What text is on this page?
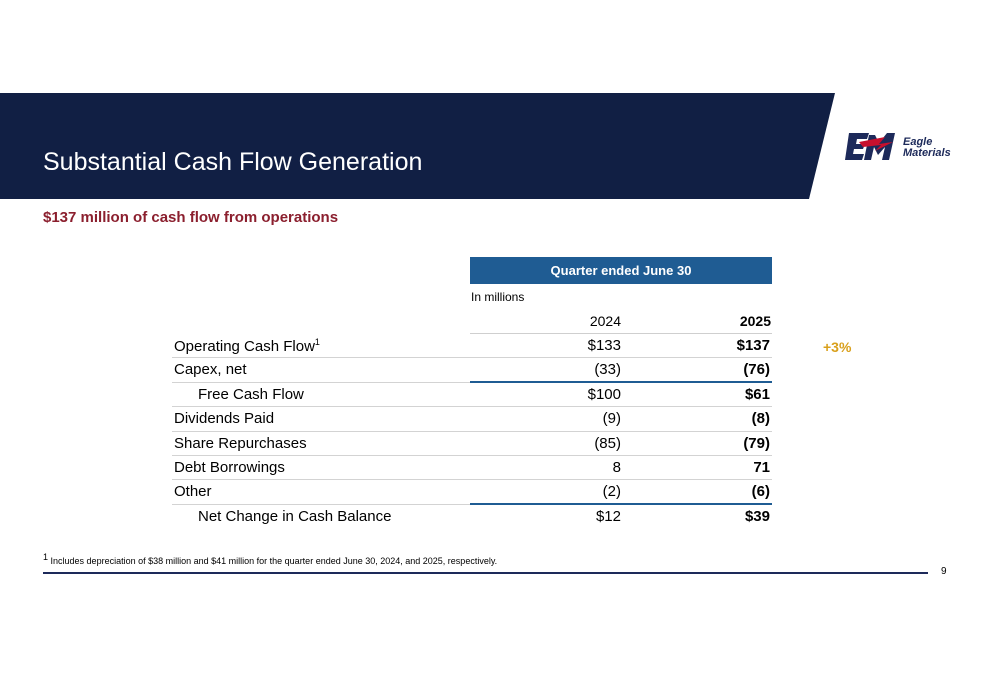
Substantial Cash Flow Generation
Eagle
Materials
$137 million of cash flow from operations
Quarter ended June 30
In millions
2024	2025
Operating Cash Flow$^1$	$133	$137
Capex, net	(33)	(76)
Free Cash Flow	$100	$61
Dividends Paid	(9)	(8)
Share Repurchases	(85)	(79)
Debt Borrowings	8	71
Other	(2)	(6)
Net Change in Cash Balance	$12	$39
+3%
1 Includes depreciation of $38 million and $41 million for the quarter ended June 30, 2024, and 2025, respectively.
9
